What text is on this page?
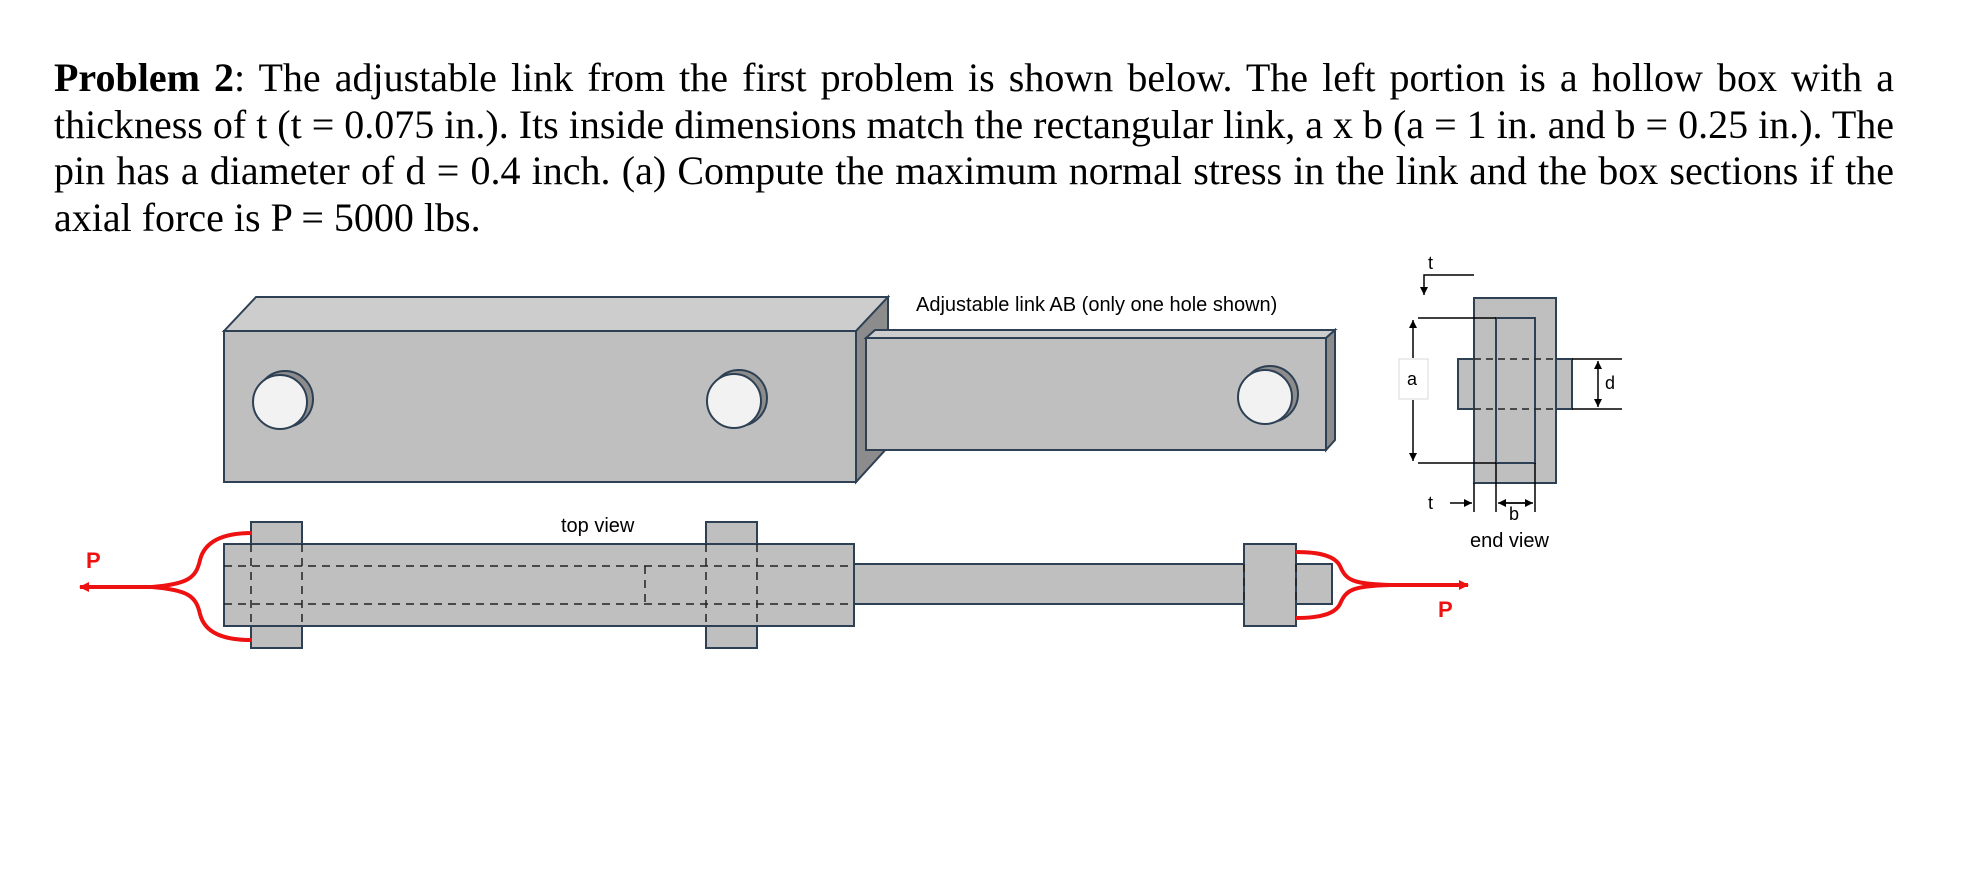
Problem 2: The adjustable link from the first problem is shown below. The left portion is a hollow box with a thickness of t (t = 0.075 in.). Its inside dimensions match the rectangular link, a x b (a = 1 in. and b = 0.25 in.). The pin has a diameter of d = 0.4 inch. (a) Compute the maximum normal stress in the link and the box sections if the axial force is P = 5000 lbs.

Adjustable link AB (only one hole shown)
top view
P
P
t
a	d
t
b
end view
